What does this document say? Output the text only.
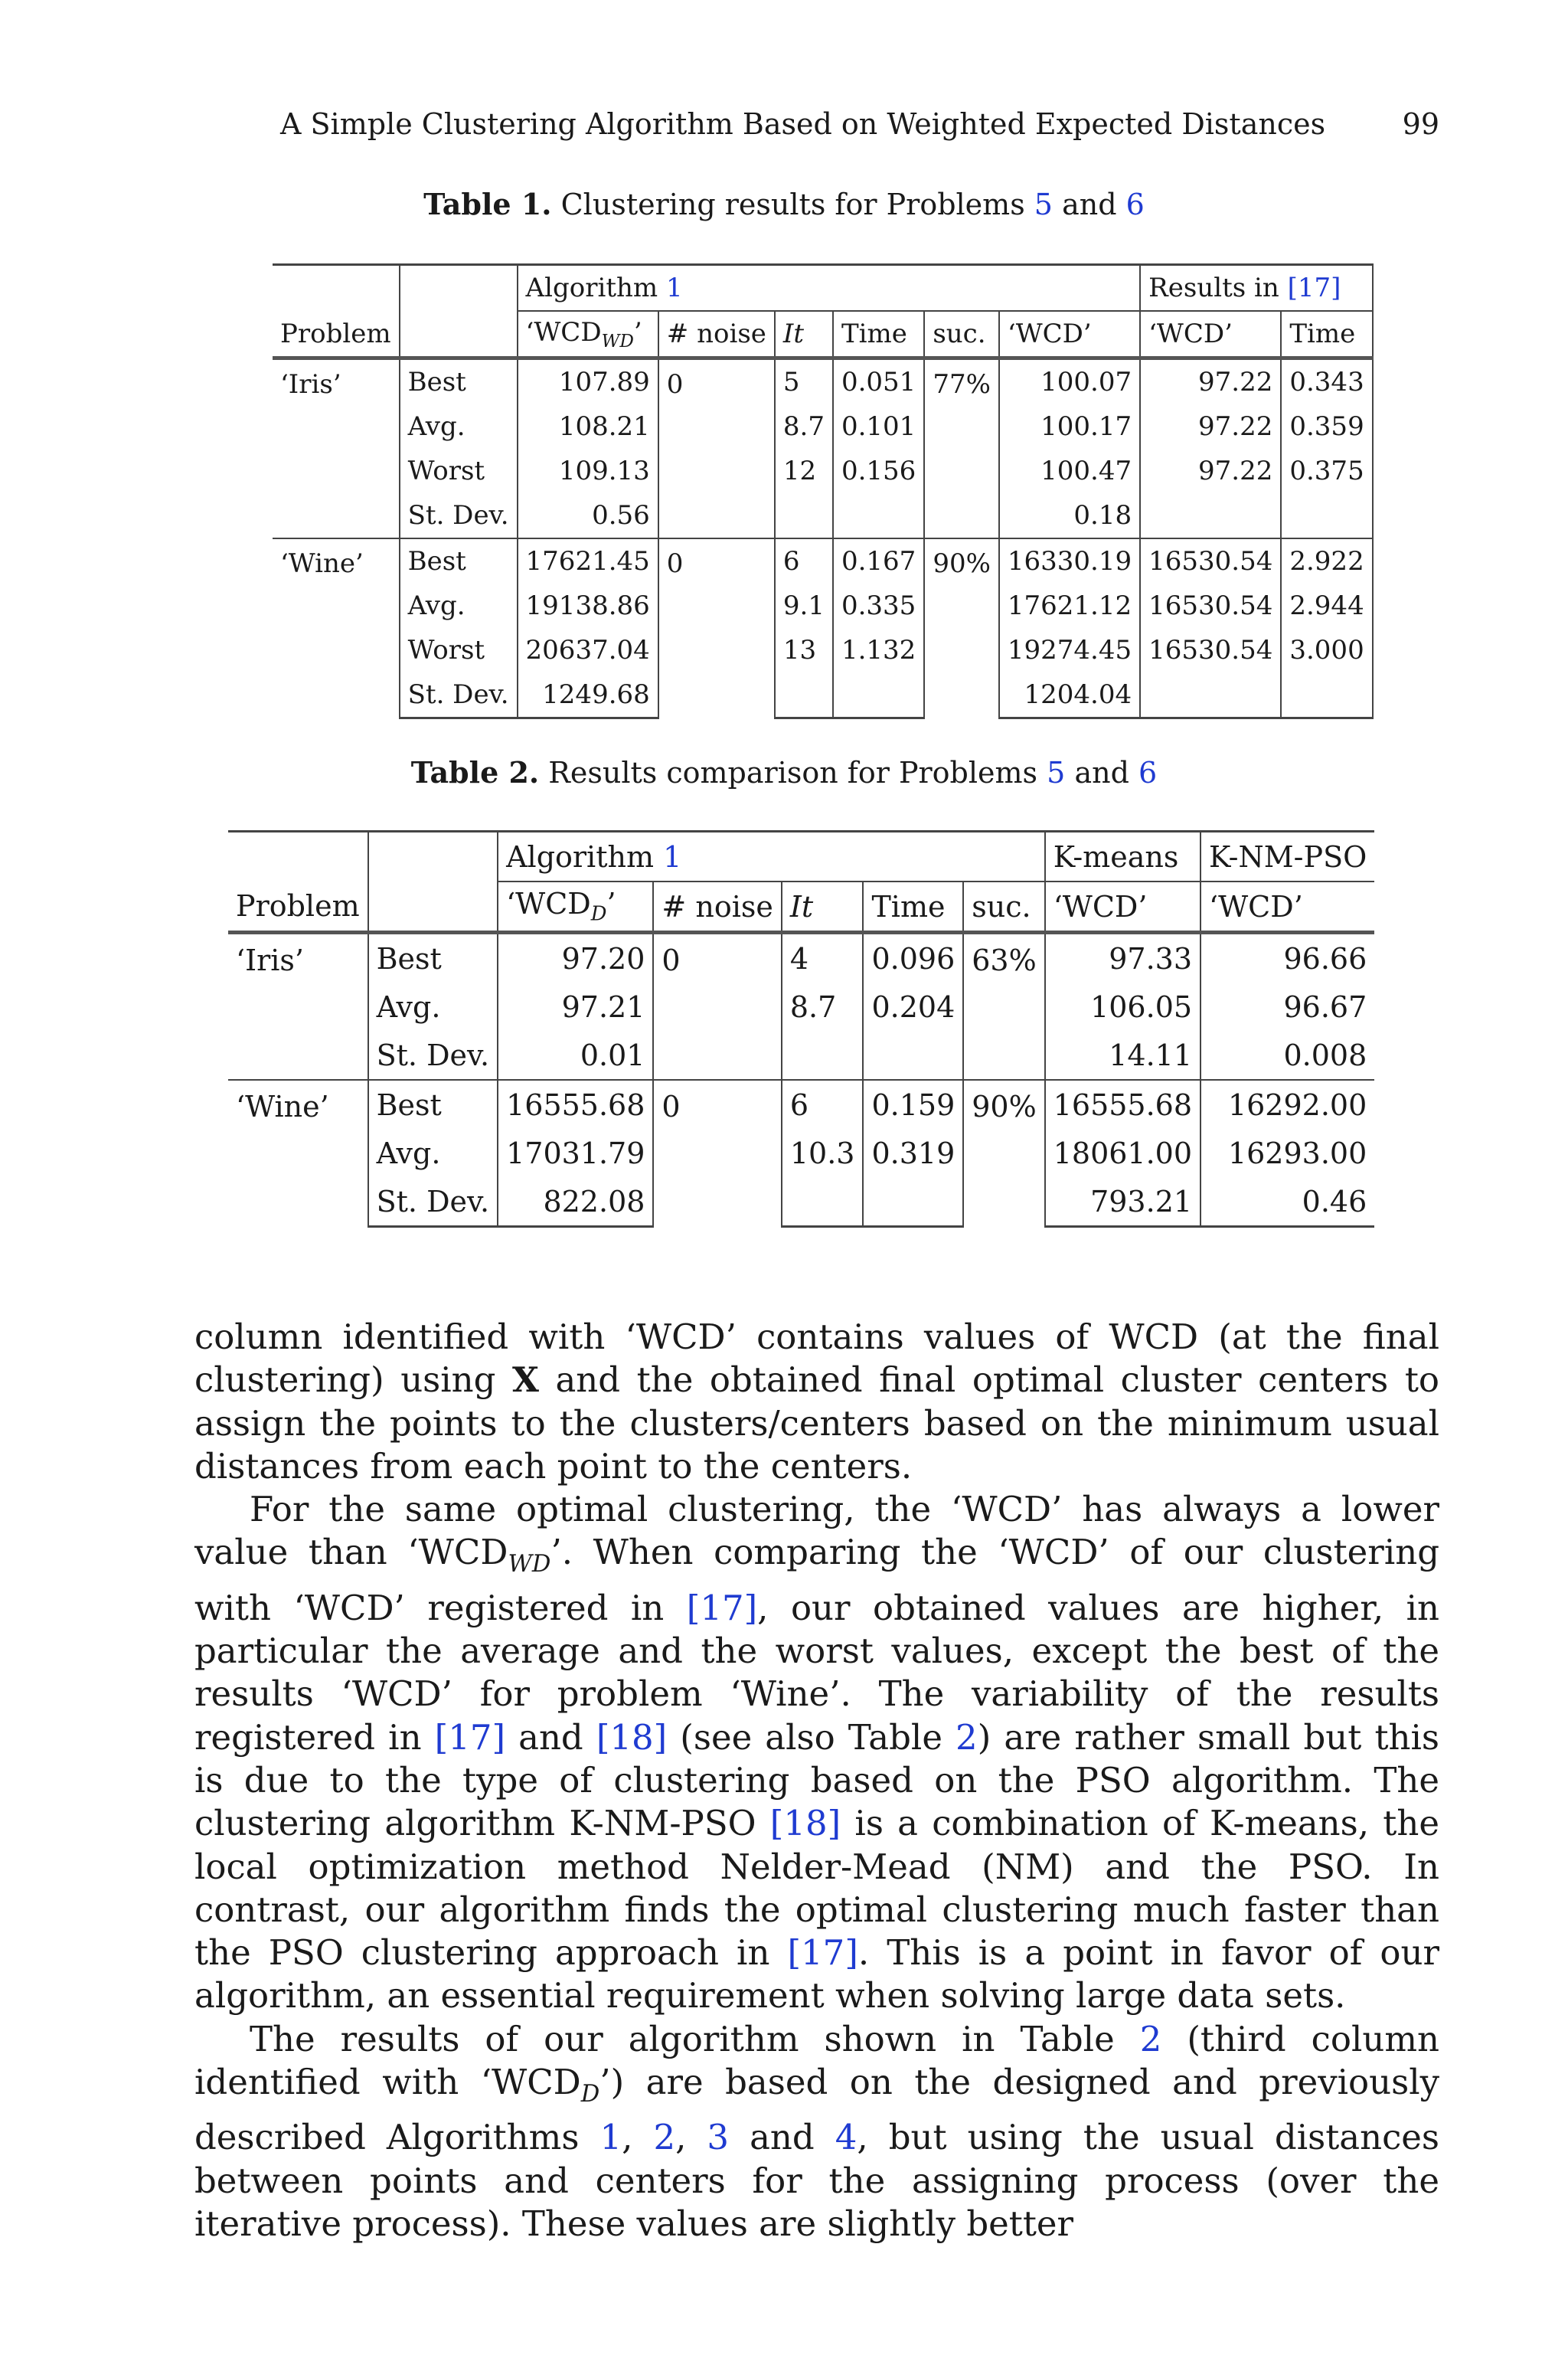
A Simple Clustering Algorithm Based on Weighted Expected Distances	99
Table 1. Clustering results for Problems 5 and 6
		Algorithm 1						Results in [17]	
Problem		‘$WCD_{WD}$’	# noise	It	Time	suc.	‘WCD’	‘WCD’	Time
‘Iris’	Best	107.89	0	5	0.051	77%	100.07	97.22	0.343
	Avg.	108.21		8.7	0.101		100.17	97.22	0.359
	Worst	109.13		12	0.156		100.47	97.22	0.375
	St. Dev.	0.56					0.18		
‘Wine’	Best	17621.45	0	6	0.167	90%	16330.19	16530.54	2.922
	Avg.	19138.86		9.1	0.335		17621.12	16530.54	2.944
	Worst	20637.04		13	1.132		19274.45	16530.54	3.000
	St. Dev.	1249.68					1204.04		
Table 2. Results comparison for Problems 5 and 6
		Algorithm 1					K-means	K-NM-PSO
Problem		‘$WCD_D$’	# noise	It	Time	suc.	‘WCD’	‘WCD’
‘Iris’	Best	97.20	0	4	0.096	63%	97.33	96.66
	Avg.	97.21		8.7	0.204		106.05	96.67
	St. Dev.	0.01					14.11	0.008
‘Wine’	Best	16555.68	0	6	0.159	90%	16555.68	16292.00
	Avg.	17031.79		10.3	0.319		18061.00	16293.00
	St. Dev.	822.08					793.21	0.46

column identified with ‘WCD’ contains values of WCD (at the final clustering) using X and the obtained final optimal cluster centers to assign the points to the clusters/centers based on the minimum usual distances from each point to the centers.

For the same optimal clustering, the ‘WCD’ has always a lower value than ‘$WCD_{WD}$’. When comparing the ‘WCD’ of our clustering with ‘WCD’ registered in [17], our obtained values are higher, in particular the average and the worst values, except the best of the results ‘WCD’ for problem ‘Wine’. The variability of the results registered in [17] and [18] (see also Table 2) are rather small but this is due to the type of clustering based on the PSO algorithm. The clustering algorithm K-NM-PSO [18] is a combination of K-means, the local optimization method Nelder-Mead (NM) and the PSO. In contrast, our algorithm finds the optimal clustering much faster than the PSO clustering approach in [17]. This is a point in favor of our algorithm, an essential requirement when solving large data sets.

The results of our algorithm shown in Table 2 (third column identified with ‘$WCD_D$’) are based on the designed and previously described Algorithms 1, 2, 3 and 4, but using the usual distances between points and centers for the assigning process (over the iterative process). These values are slightly better
